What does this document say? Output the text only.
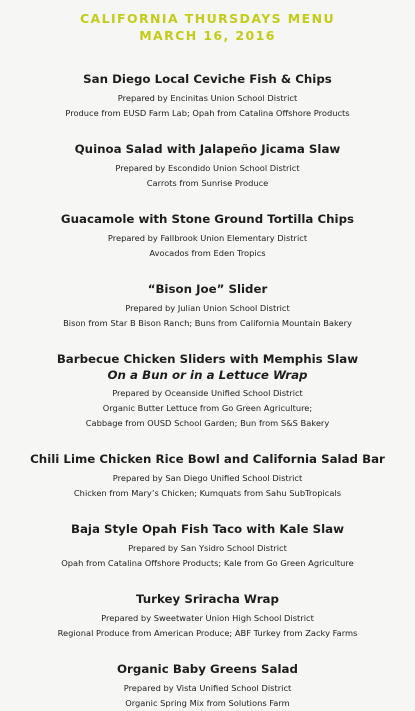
CALIFORNIA THURSDAYS MENU
MARCH 16, 2016
San Diego Local Ceviche Fish & Chips
Prepared by Encinitas Union School District
Produce from EUSD Farm Lab; Opah from Catalina Offshore Products
Quinoa Salad with Jalapeño Jicama Slaw
Prepared by Escondido Union School District
Carrots from Sunrise Produce
Guacamole with Stone Ground Tortilla Chips
Prepared by Fallbrook Union Elementary District
Avocados from Eden Tropics
“Bison Joe” Slider
Prepared by Julian Union School District
Bison from Star B Bison Ranch; Buns from California Mountain Bakery
Barbecue Chicken Sliders with Memphis Slaw
On a Bun or in a Lettuce Wrap
Prepared by Oceanside Unified School District
Organic Butter Lettuce from Go Green Agriculture;
Cabbage from OUSD School Garden; Bun from S&S Bakery
Chili Lime Chicken Rice Bowl and California Salad Bar
Prepared by San Diego Unified School District
Chicken from Mary’s Chicken; Kumquats from Sahu SubTropicals
Baja Style Opah Fish Taco with Kale Slaw
Prepared by San Ysidro School District
Opah from Catalina Offshore Products; Kale from Go Green Agriculture
Turkey Sriracha Wrap
Prepared by Sweetwater Union High School District
Regional Produce from American Produce; ABF Turkey from Zacky Farms
Organic Baby Greens Salad
Prepared by Vista Unified School District
Organic Spring Mix from Solutions Farm
